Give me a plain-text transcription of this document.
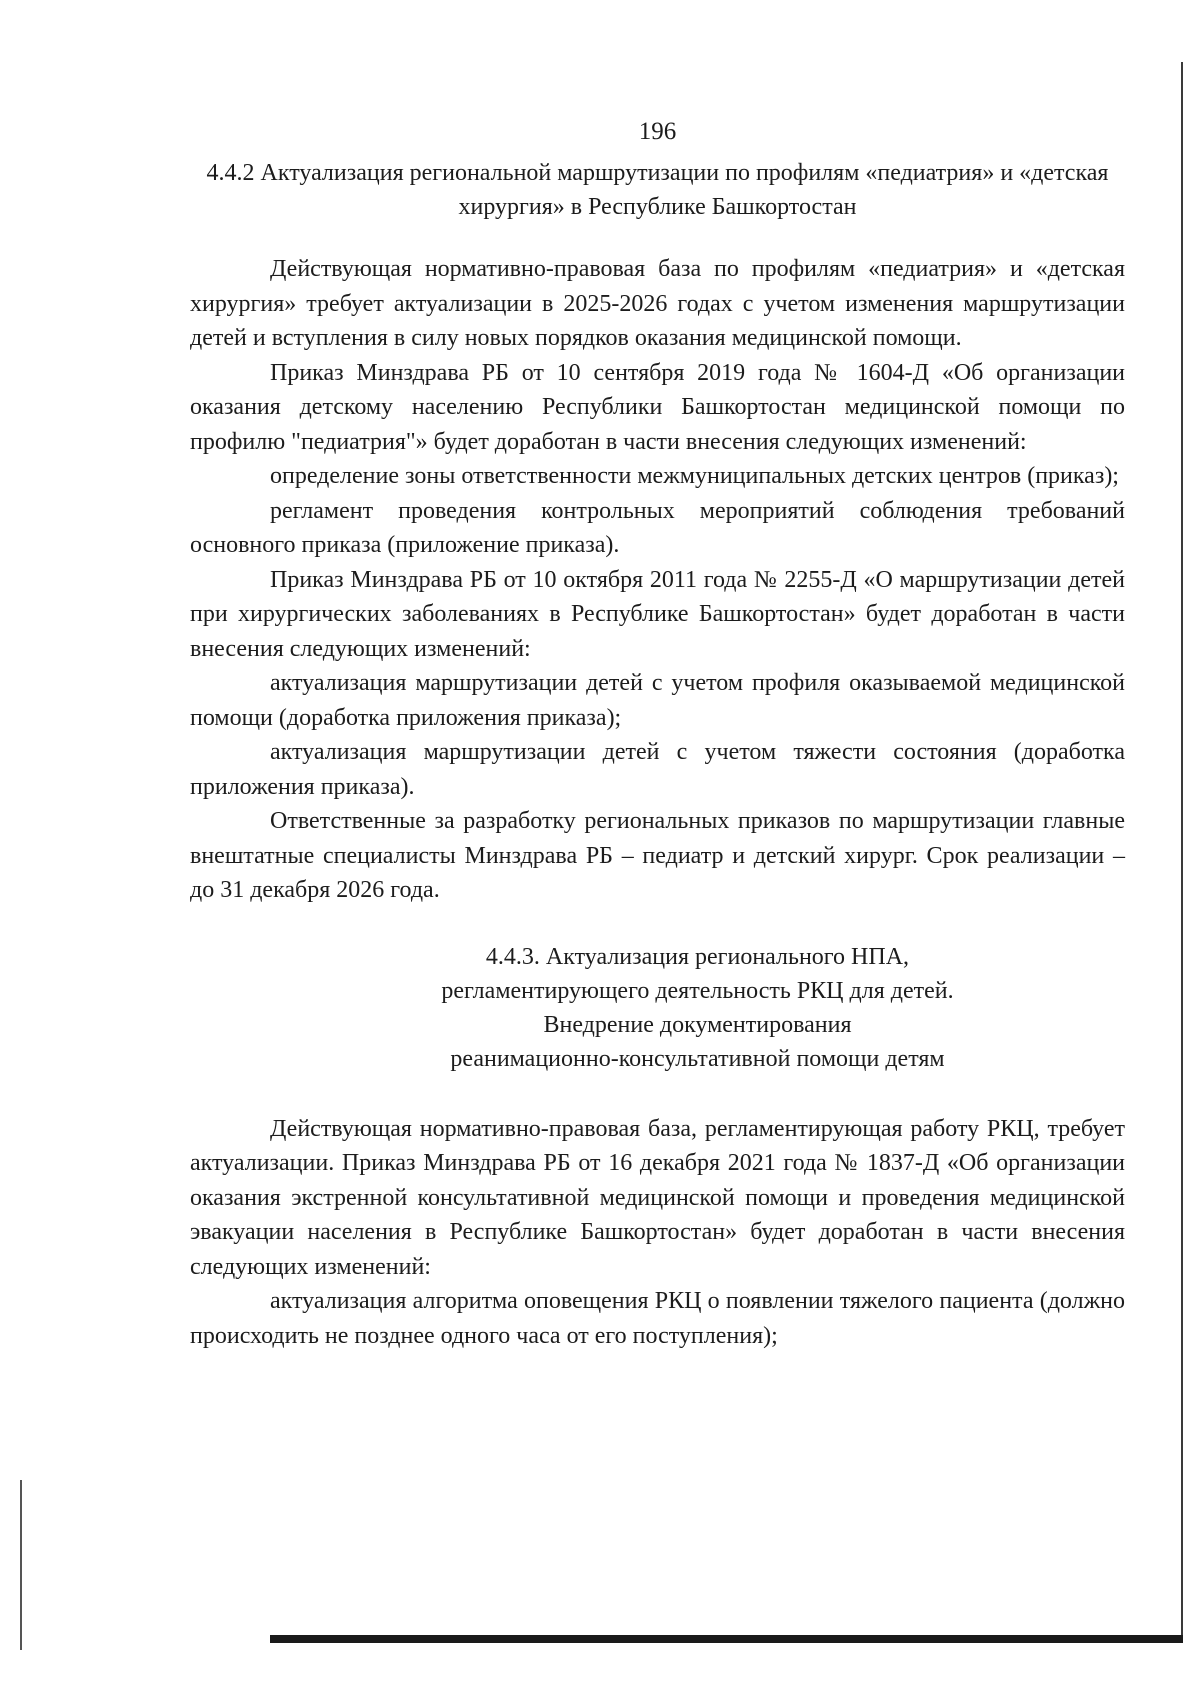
196
4.4.2 Актуализация региональной маршрутизации по профилям «педиатрия» и «детская хирургия» в Республике Башкортостан

Действующая нормативно-правовая база по профилям «педиатрия» и «детская хирургия» требует актуализации в 2025-2026 годах с учетом изменения маршрутизации детей и вступления в силу новых порядков оказания медицинской помощи.

Приказ Минздрава РБ от 10 сентября 2019 года № 1604-Д «Об организации оказания детскому населению Республики Башкортостан медицинской помощи по профилю "педиатрия"» будет доработан в части внесения следующих изменений:

определение зоны ответственности межмуниципальных детских центров (приказ);

регламент проведения контрольных мероприятий соблюдения требований основного приказа (приложение приказа).

Приказ Минздрава РБ от 10 октября 2011 года № 2255-Д «О маршрутизации детей при хирургических заболеваниях в Республике Башкортостан» будет доработан в части внесения следующих изменений:

актуализация маршрутизации детей с учетом профиля оказываемой медицинской помощи (доработка приложения приказа);

актуализация маршрутизации детей с учетом тяжести состояния (доработка приложения приказа).

Ответственные за разработку региональных приказов по маршрутизации главные внештатные специалисты Минздрава РБ – педиатр и детский хирург. Срок реализации – до 31 декабря 2026 года.

4.4.3. Актуализация регионального НПА,
регламентирующего деятельность РКЦ для детей.
Внедрение документирования
реанимационно-консультативной помощи детям

Действующая нормативно-правовая база, регламентирующая работу РКЦ, требует актуализации. Приказ Минздрава РБ от 16 декабря 2021 года № 1837-Д «Об организации оказания экстренной консультативной медицинской помощи и проведения медицинской эвакуации населения в Республике Башкортостан» будет доработан в части внесения следующих изменений:

актуализация алгоритма оповещения РКЦ о появлении тяжелого пациента (должно происходить не позднее одного часа от его поступления);
